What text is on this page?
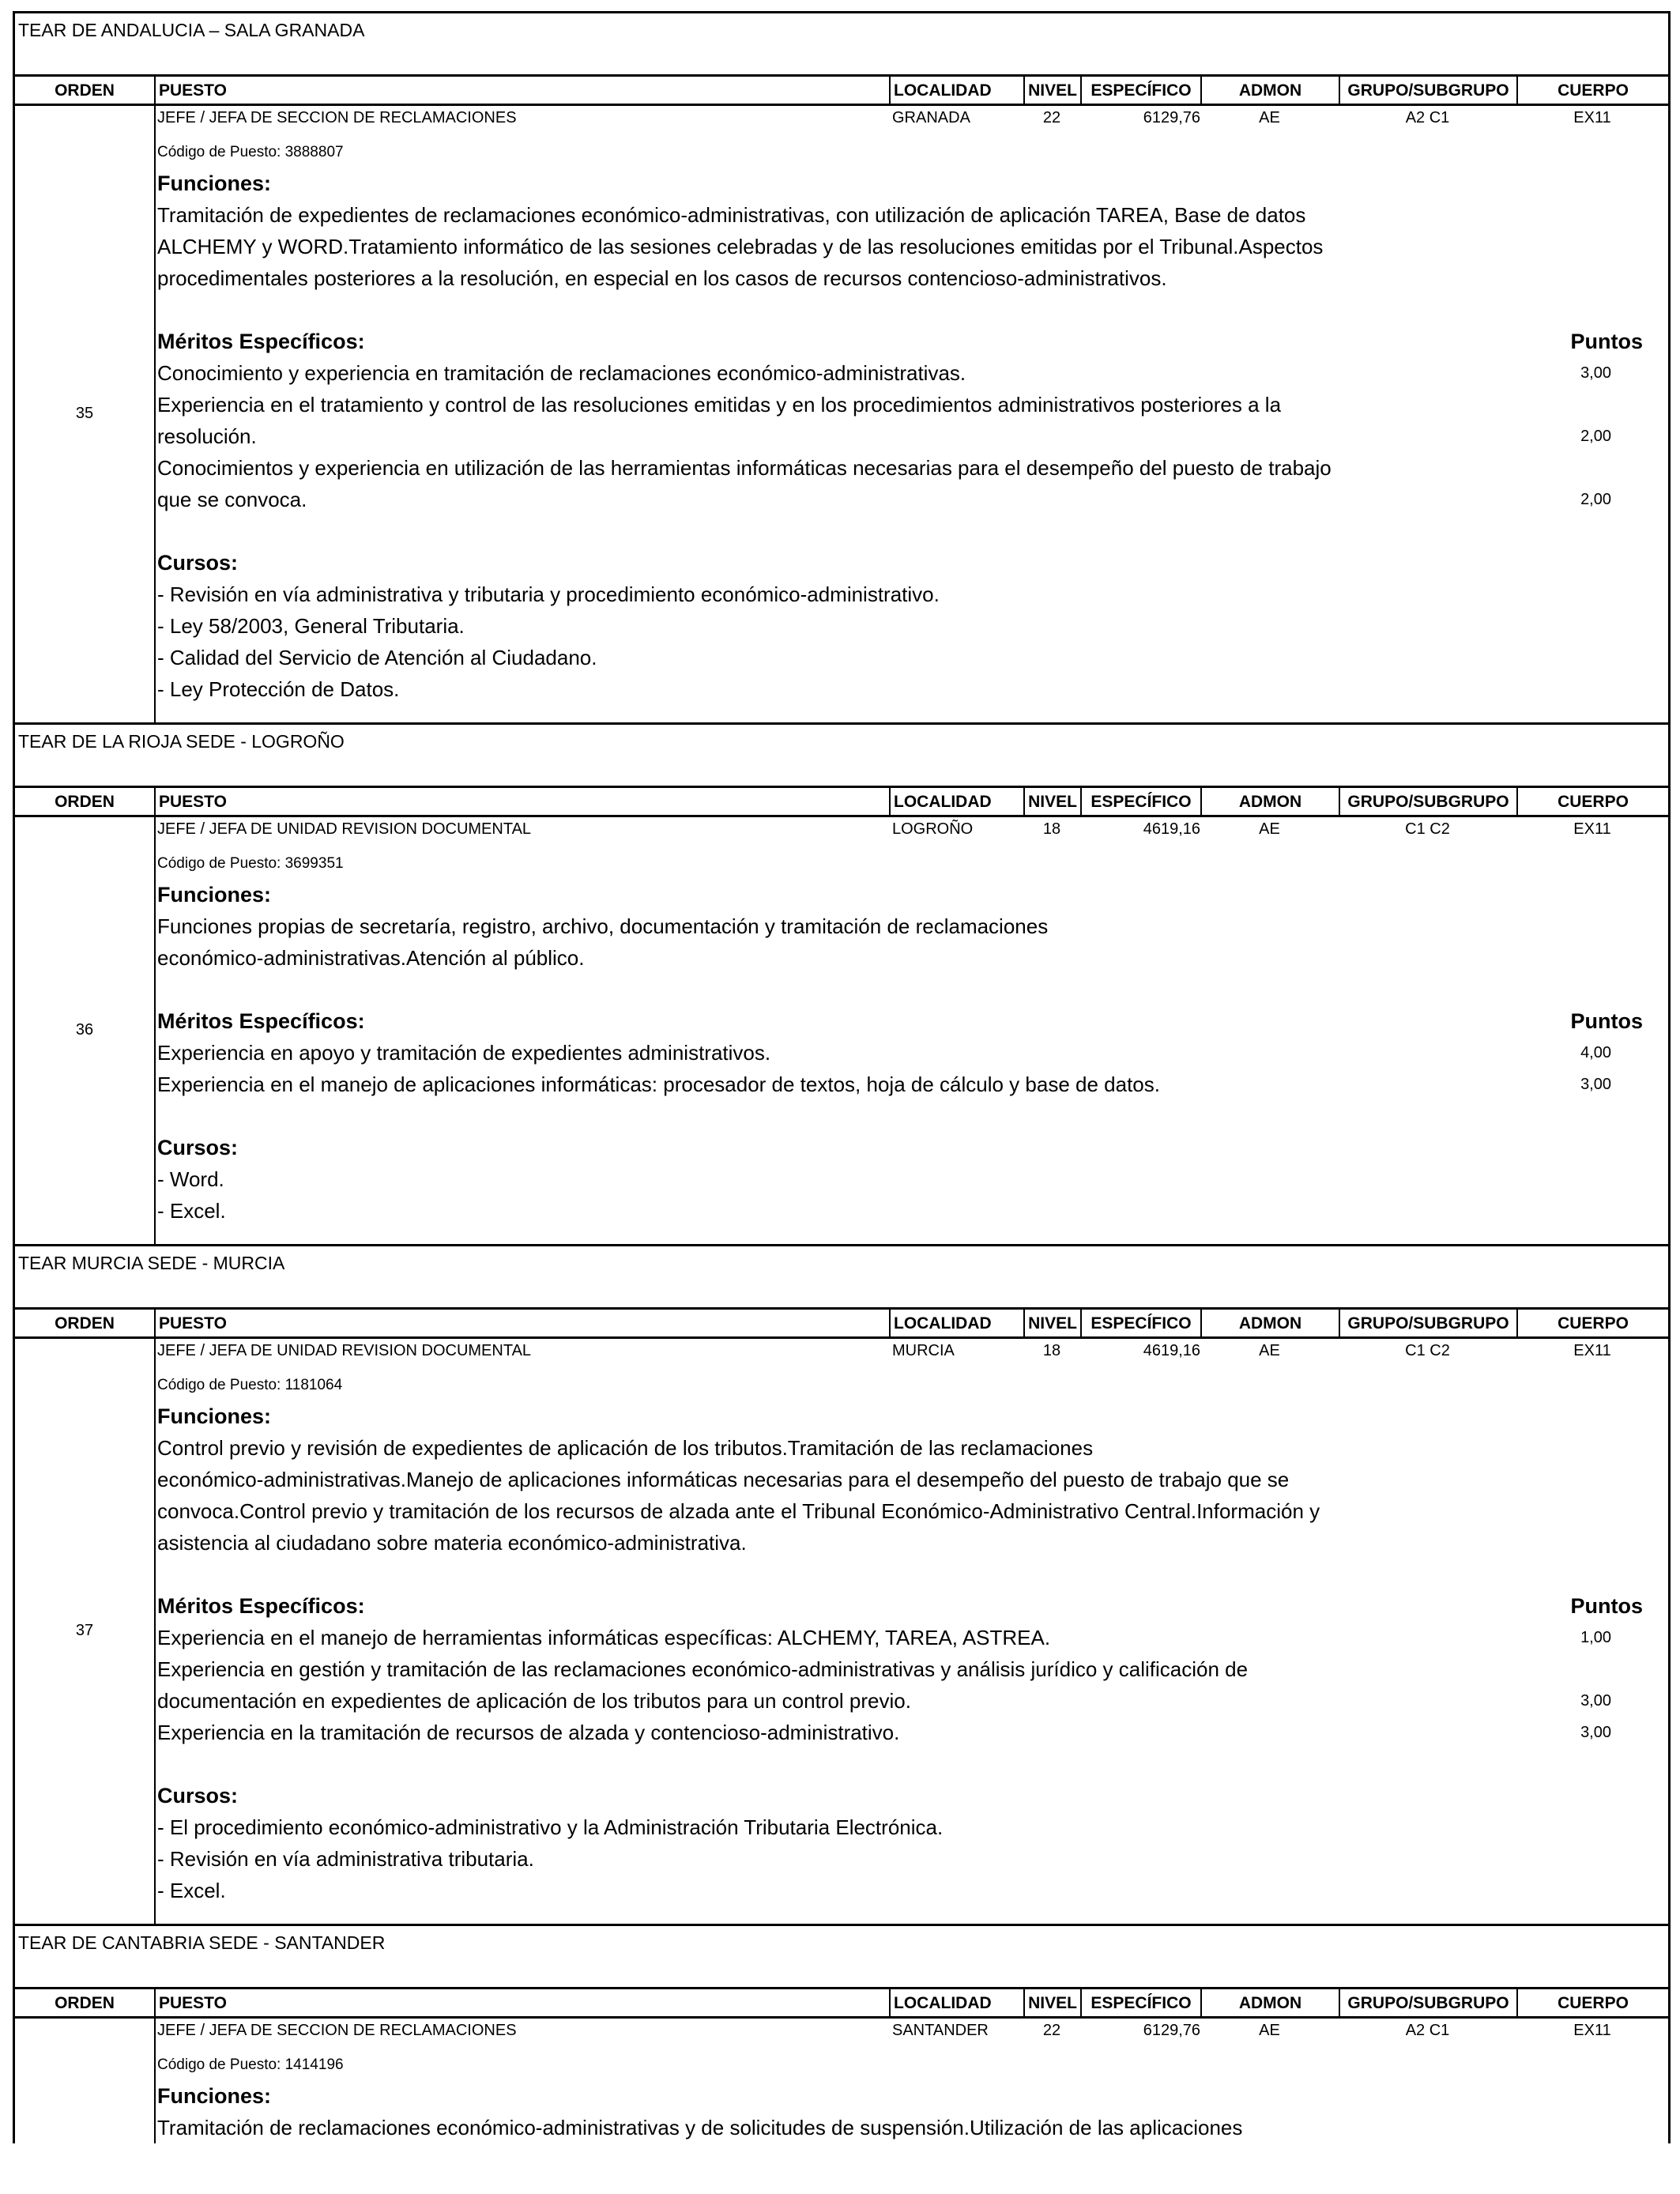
TEAR DE ANDALUCIA – SALA GRANADA
ORDEN	PUESTO	LOCALIDAD	NIVEL ESPECÍFICO	ADMON	GRUPO/SUBGRUPO	CUERPO
35
JEFE / JEFA DE SECCION DE RECLAMACIONES	GRANADA	22	6129,76	AE	A2 C1	EX11
Código de Puesto: 3888807
Funciones:
Tramitación de expedientes de reclamaciones económico-administrativas, con utilización de aplicación TAREA, Base de datos
ALCHEMY y WORD.Tratamiento informático de las sesiones celebradas y de las resoluciones emitidas por el Tribunal.Aspectos
procedimentales posteriores a la resolución, en especial en los casos de recursos contencioso-administrativos.
Méritos Específicos:	Puntos
Conocimiento y experiencia en tramitación de reclamaciones económico-administrativas.	3,00
Experiencia en el tratamiento y control de las resoluciones emitidas y en los procedimientos administrativos posteriores a la
resolución.	2,00
Conocimientos y experiencia en utilización de las herramientas informáticas necesarias para el desempeño del puesto de trabajo
que se convoca.	2,00
Cursos:
- Revisión en vía administrativa y tributaria y procedimiento económico-administrativo.
- Ley 58/2003, General Tributaria.
- Calidad del Servicio de Atención al Ciudadano.
- Ley Protección de Datos.
TEAR DE LA RIOJA SEDE - LOGROÑO
ORDEN	PUESTO	LOCALIDAD	NIVEL ESPECÍFICO	ADMON	GRUPO/SUBGRUPO	CUERPO
36
JEFE / JEFA DE UNIDAD REVISION DOCUMENTAL	LOGROÑO	18	4619,16	AE	C1 C2	EX11
Código de Puesto: 3699351
Funciones:
Funciones propias de secretaría, registro, archivo, documentación y tramitación de reclamaciones
económico-administrativas.Atención al público.
Méritos Específicos:	Puntos
Experiencia en apoyo y tramitación de expedientes administrativos.	4,00
Experiencia en el manejo de aplicaciones informáticas: procesador de textos, hoja de cálculo y base de datos.	3,00
Cursos:
- Word.
- Excel.
TEAR MURCIA SEDE - MURCIA
ORDEN	PUESTO	LOCALIDAD	NIVEL ESPECÍFICO	ADMON	GRUPO/SUBGRUPO	CUERPO
37
JEFE / JEFA DE UNIDAD REVISION DOCUMENTAL	MURCIA	18	4619,16	AE	C1 C2	EX11
Código de Puesto: 1181064
Funciones:
Control previo y revisión de expedientes de aplicación de los tributos.Tramitación de las reclamaciones
económico-administrativas.Manejo de aplicaciones informáticas necesarias para el desempeño del puesto de trabajo que se
convoca.Control previo y tramitación de los recursos de alzada ante el Tribunal Económico-Administrativo Central.Información y
asistencia al ciudadano sobre materia económico-administrativa.
Méritos Específicos:	Puntos
Experiencia en el manejo de herramientas informáticas específicas: ALCHEMY, TAREA, ASTREA.	1,00
Experiencia en gestión y tramitación de las reclamaciones económico-administrativas y análisis jurídico y calificación de
documentación en expedientes de aplicación de los tributos para un control previo.	3,00
Experiencia en la tramitación de recursos de alzada y contencioso-administrativo.	3,00
Cursos:
- El procedimiento económico-administrativo y la Administración Tributaria Electrónica.
- Revisión en vía administrativa tributaria.
- Excel.
TEAR DE CANTABRIA SEDE - SANTANDER
ORDEN	PUESTO	LOCALIDAD	NIVEL ESPECÍFICO	ADMON	GRUPO/SUBGRUPO	CUERPO
JEFE / JEFA DE SECCION DE RECLAMACIONES	SANTANDER	22	6129,76	AE	A2 C1	EX11
Código de Puesto: 1414196
Funciones:
Tramitación de reclamaciones económico-administrativas y de solicitudes de suspensión.Utilización de las aplicaciones
